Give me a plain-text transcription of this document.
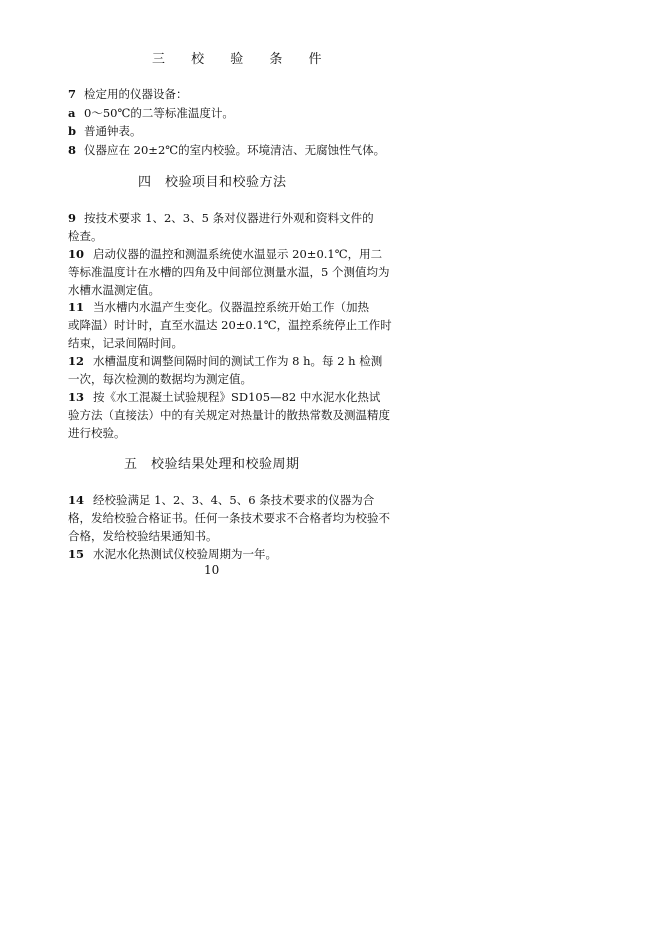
三 校 验 条 件
7 检定用的仪器设备：
a 0～50℃的二等标准温度计。
b 普通钟表。
8 仪器应在 20±2℃的室内校验。环境清洁、无腐蚀性气体。
四　校验项目和校验方法
9 按技术要求 1、2、3、5 条对仪器进行外观和资料文件的
检查。
10 启动仪器的温控和测温系统使水温显示 20±0.1℃，用二
等标准温度计在水槽的四角及中间部位测量水温，5 个测值均为
水槽水温测定值。
11 当水槽内水温产生变化。仪器温控系统开始工作（加热
或降温）时计时，直至水温达 20±0.1℃，温控系统停止工作时
结束，记录间隔时间。
12 水槽温度和调整间隔时间的测试工作为 8 h。每 2 h 检测
一次，每次检测的数据均为测定值。
13 按《水工混凝土试验规程》SD105—82 中水泥水化热试
验方法（直接法）中的有关规定对热量计的散热常数及测温精度
进行校验。
五　校验结果处理和校验周期
14 经校验满足 1、2、3、4、5、6 条技术要求的仪器为合
格，发给校验合格证书。任何一条技术要求不合格者均为校验不
合格，发给校验结果通知书。
15 水泥水化热测试仪校验周期为一年。
10
